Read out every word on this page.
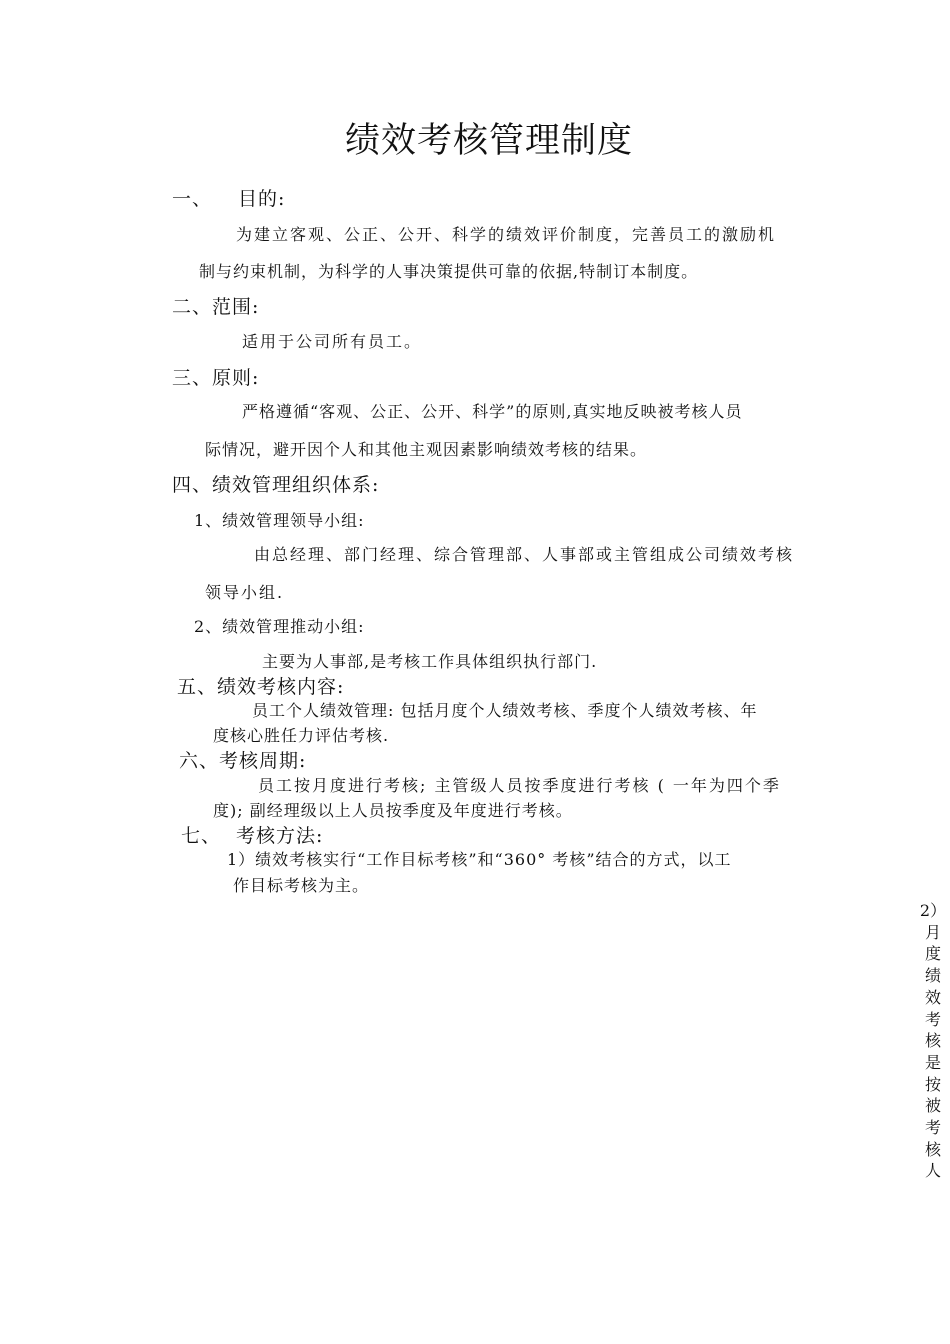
绩效考核管理制度
一、 目的:
为建立客观、公正、公开、科学的绩效评价制度，完善员工的激励机
制与约束机制，为科学的人事决策提供可靠的依据,特制订本制度。
二、范围:
适用于公司所有员工。
三、原则:
严格遵循“客观、公正、公开、科学”的原则,真实地反映被考核人员
际情况，避开因个人和其他主观因素影响绩效考核的结果。
四、绩效管理组织体系:
1、绩效管理领导小组:
由总经理、部门经理、综合管理部、人事部或主管组成公司绩效考核
领导小组.
2、绩效管理推动小组:
主要为人事部,是考核工作具体组织执行部门.
五、绩效考核内容:
员工个人绩效管理: 包括月度个人绩效考核、季度个人绩效考核、年
度核心胜任力评估考核.
六、考核周期:
员工按月度进行考核; 主管级人员按季度进行考核 ( 一年为四个季
度); 副经理级以上人员按季度及年度进行考核。
七、 考核方法:
1）绩效考核实行“工作目标考核”和“360° 考核”结合的方式，以工
作目标考核为主。
2）月度绩效考核是按被考核人
